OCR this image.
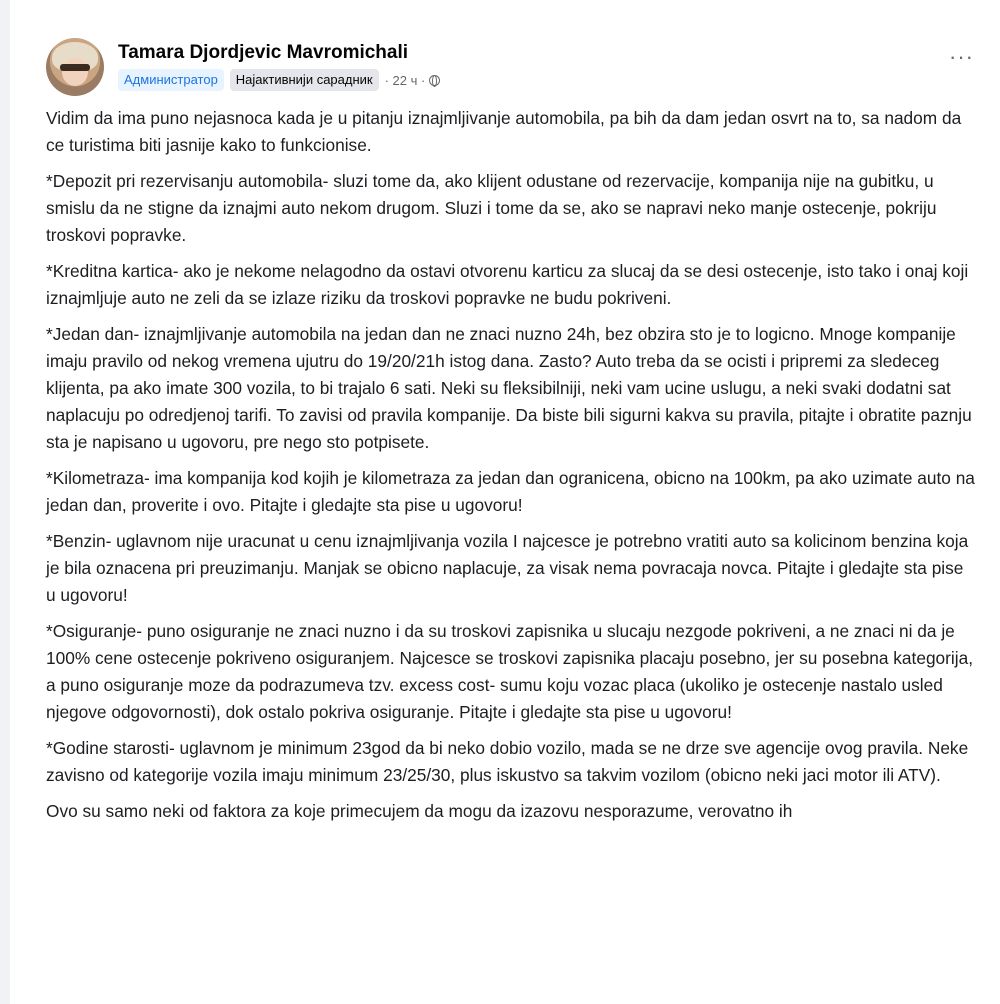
Tamara Djordjevic Mavromichali
Администратор	Најактивнији сарадник · 22 ч ·
···

Vidim da ima puno nejasnoca kada je u pitanju iznajmljivanje automobila, pa bih da dam jedan osvrt na to, sa nadom da ce turistima biti jasnije kako to funkcionise.

*Depozit pri rezervisanju automobila- sluzi tome da, ako klijent odustane od rezervacije, kompanija nije na gubitku, u smislu da ne stigne da iznajmi auto nekom drugom. Sluzi i tome da se, ako se napravi neko manje ostecenje, pokriju troskovi popravke.

*Kreditna kartica- ako je nekome nelagodno da ostavi otvorenu karticu za slucaj da se desi ostecenje, isto tako i onaj koji iznajmljuje auto ne zeli da se izlaze riziku da troskovi popravke ne budu pokriveni.

*Jedan dan- iznajmljivanje automobila na jedan dan ne znaci nuzno 24h, bez obzira sto je to logicno. Mnoge kompanije imaju pravilo od nekog vremena ujutru do 19/20/21h istog dana. Zasto? Auto treba da se ocisti i pripremi za sledeceg klijenta, pa ako imate 300 vozila, to bi trajalo 6 sati. Neki su fleksibilniji, neki vam ucine uslugu, a neki svaki dodatni sat naplacuju po odredjenoj tarifi. To zavisi od pravila kompanije. Da biste bili sigurni kakva su pravila, pitajte i obratite paznju sta je napisano u ugovoru, pre nego sto potpisete.

*Kilometraza- ima kompanija kod kojih je kilometraza za jedan dan ogranicena, obicno na 100km, pa ako uzimate auto na jedan dan, proverite i ovo. Pitajte i gledajte sta pise u ugovoru!

*Benzin- uglavnom nije uracunat u cenu iznajmljivanja vozila I najcesce je potrebno vratiti auto sa kolicinom benzina koja je bila oznacena pri preuzimanju. Manjak se obicno naplacuje, za visak nema povracaja novca. Pitajte i gledajte sta pise u ugovoru!

*Osiguranje- puno osiguranje ne znaci nuzno i da su troskovi zapisnika u slucaju nezgode pokriveni, a ne znaci ni da je 100% cene ostecenje pokriveno osiguranjem. Najcesce se troskovi zapisnika placaju posebno, jer su posebna kategorija, a puno osiguranje moze da podrazumeva tzv. excess cost- sumu koju vozac placa (ukoliko je ostecenje nastalo usled njegove odgovornosti), dok ostalo pokriva osiguranje. Pitajte i gledajte sta pise u ugovoru!

*Godine starosti- uglavnom je minimum 23god da bi neko dobio vozilo, mada se ne drze sve agencije ovog pravila. Neke zavisno od kategorije vozila imaju minimum 23/25/30, plus iskustvo sa takvim vozilom (obicno neki jaci motor ili ATV).

Ovo su samo neki od faktora za koje primecujem da mogu da izazovu nesporazume, verovatno ih
